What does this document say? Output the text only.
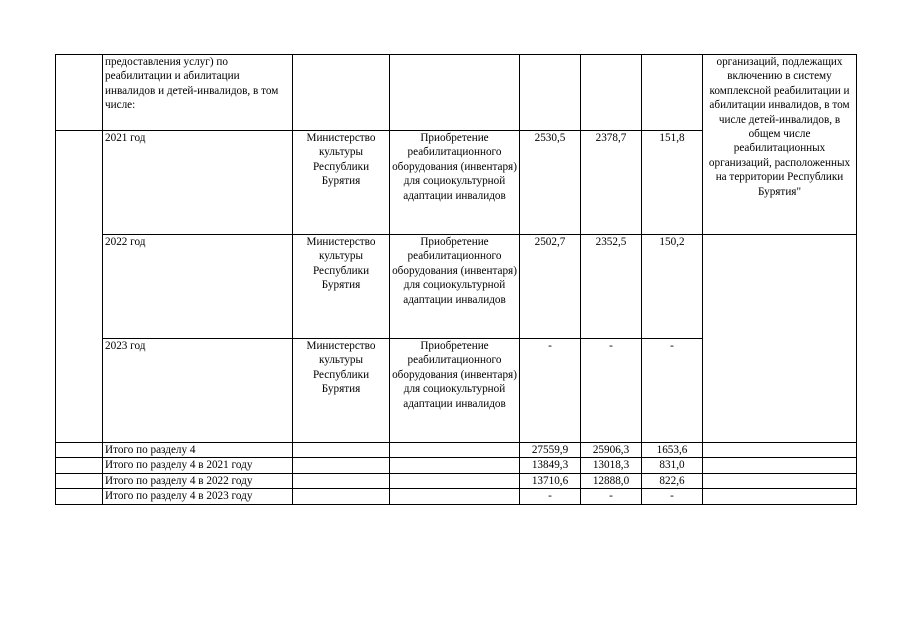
	предоставления услуг) по реабилитации и абилитации инвалидов и детей-инвалидов, в том числе:						организаций, подлежащих включению в систему комплексной реабилитации и абилитации инвалидов, в том числе детей-инвалидов, в общем числе реабилитационных организаций, расположенных на территории Республики Бурятия"
	2021 год	Министерство культуры Республики Бурятия	Приобретение реабилитационного оборудования (инвентаря) для социокультурной адаптации инвалидов	2530,5	2378,7	151,8	
	2022 год	Министерство культуры Республики Бурятия	Приобретение реабилитационного оборудования (инвентаря) для социокультурной адаптации инвалидов	2502,7	2352,5	150,2	
	2023 год	Министерство культуры Республики Бурятия	Приобретение реабилитационного оборудования (инвентаря) для социокультурной адаптации инвалидов	-	-	-	
	Итого по разделу 4			27559,9	25906,3	1653,6	
	Итого по разделу 4 в 2021 году			13849,3	13018,3	831,0	
	Итого по разделу 4 в 2022 году			13710,6	12888,0	822,6	
	Итого по разделу 4 в 2023 году			-	-	-	
